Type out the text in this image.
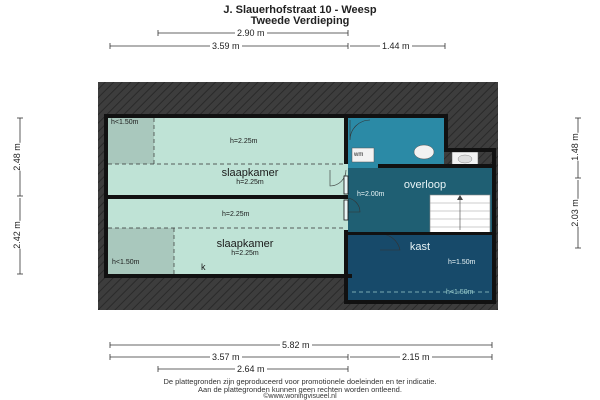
J. Slauerhofstraat 10 - Weesp
Tweede Verdieping
2.90 m
3.59 m	1.44 m
2.48 m
2.42 m
1.48 m
2.03 m
5.82 m
3.57 m	2.15 m
2.64 m
h<1.50m
h=2.25m
slaapkamer
h=2.25m
h=2.25m
slaapkamer
h=2.25m
h<1.50m	k
overloop
h=2.00m
kast
h=1.50m
h<1.50m
wm
De plattegronden zijn geproduceerd voor promotionele doeleinden en ter indicatie.
Aan de plattegronden kunnen geen rechten worden ontleend.
©www.woningvisueel.nl
